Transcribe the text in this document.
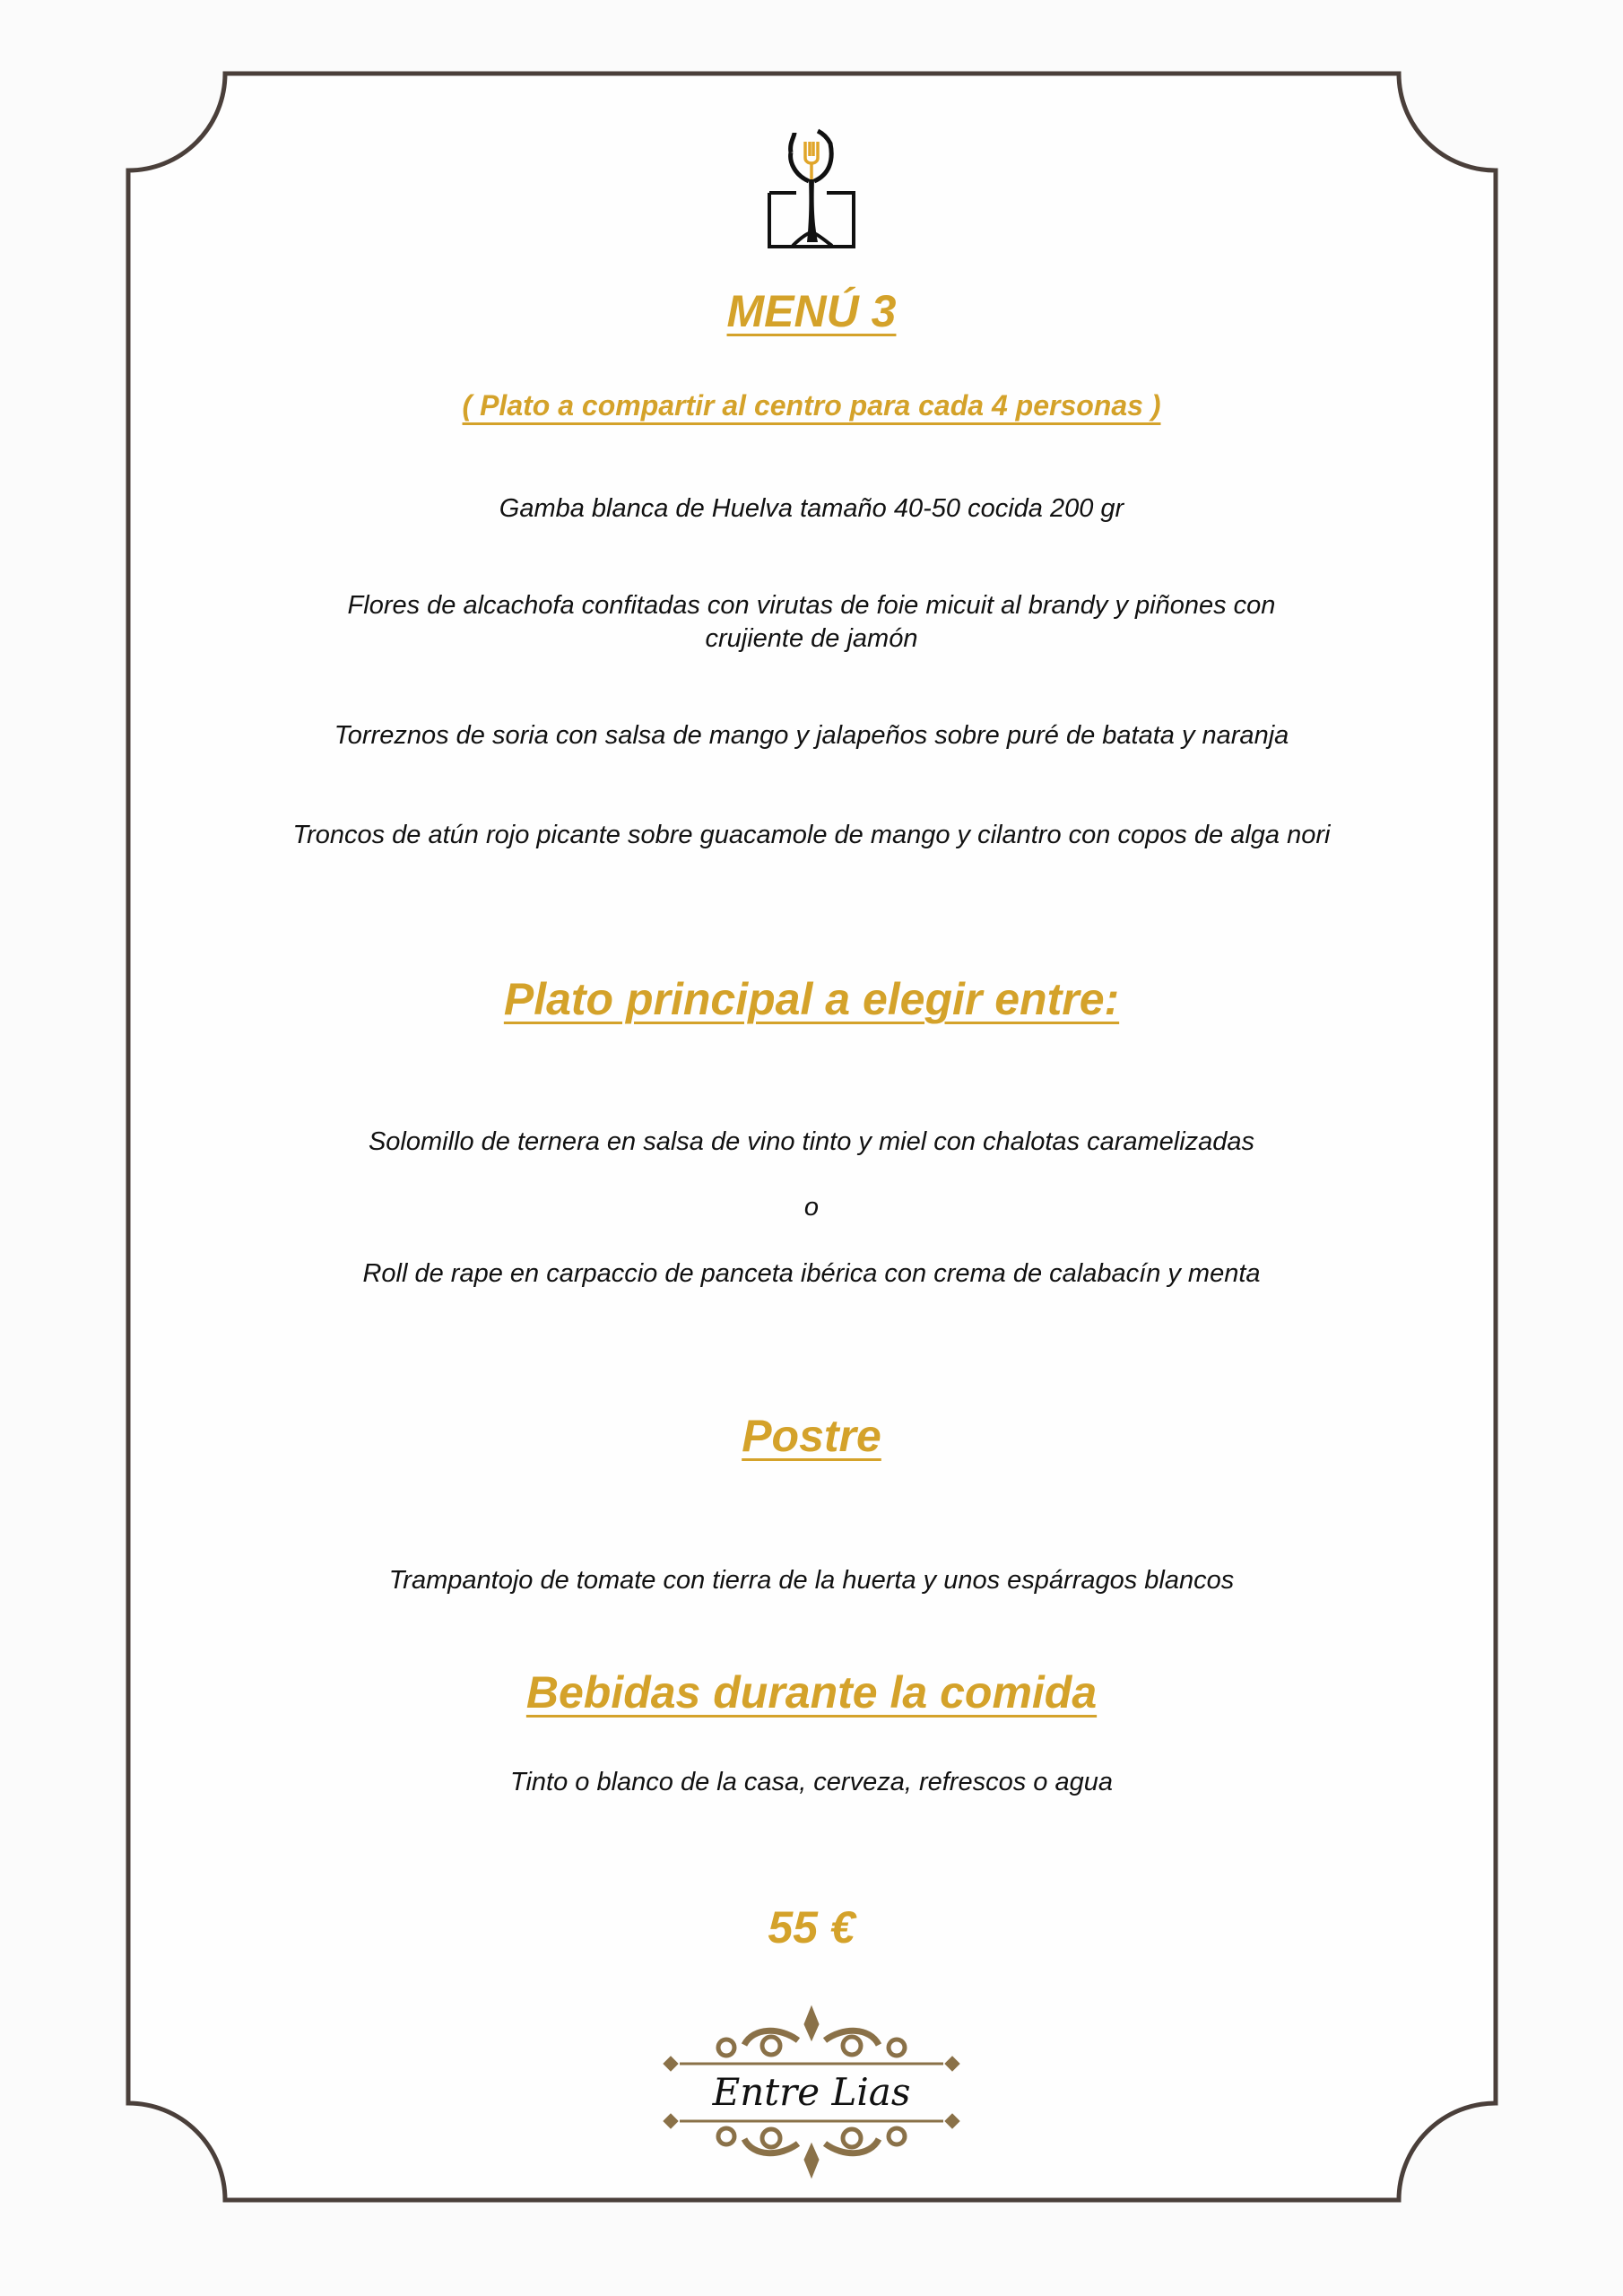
MENÚ 3
( Plato a compartir al centro para cada 4 personas )
Gamba blanca de Huelva tamaño 40-50 cocida 200 gr
Flores de alcachofa confitadas con virutas de foie micuit al brandy y piñones con
crujiente de jamón
Torreznos de soria con salsa de mango y jalapeños sobre puré de batata y naranja
Troncos de atún rojo picante sobre guacamole de mango y cilantro con copos de alga nori
Plato principal a elegir entre:
Solomillo de ternera en salsa de vino tinto y miel con chalotas caramelizadas
o
Roll de rape en carpaccio de panceta ibérica con crema de calabacín y menta
Postre
Trampantojo de tomate con tierra de la huerta y unos espárragos blancos
Bebidas durante la comida
Tinto o blanco de la casa, cerveza, refrescos o agua
55 €
Entre Lias
